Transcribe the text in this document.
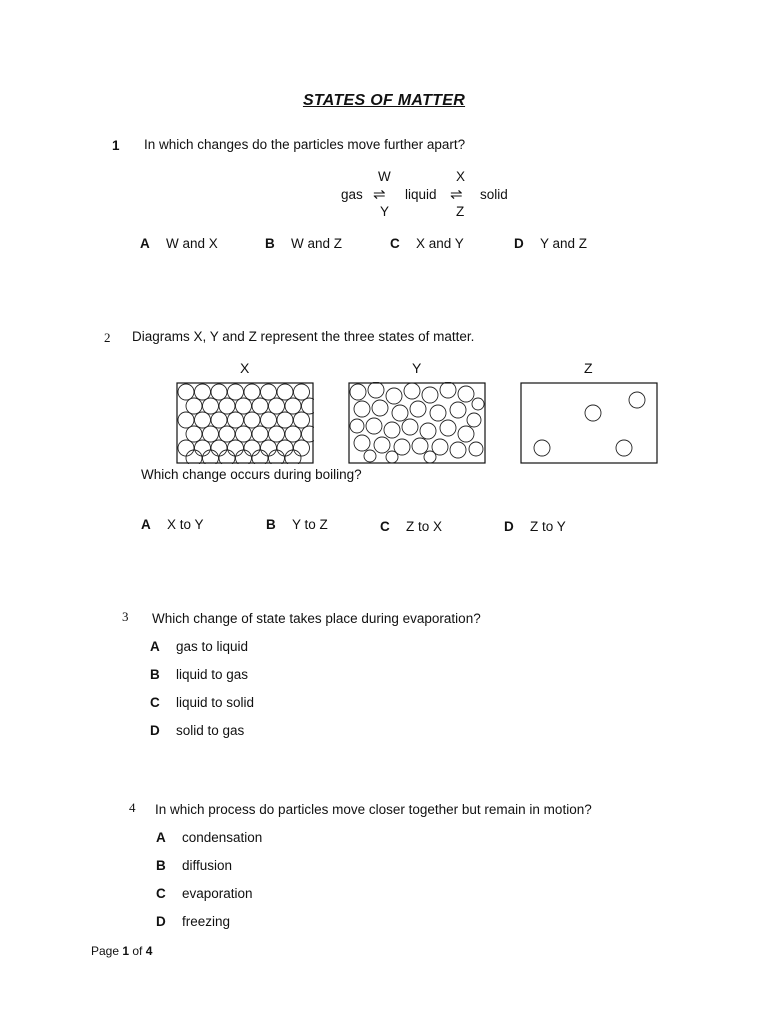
STATES OF MATTER
1 In which changes do the particles move further apart?
gas
W
⇌
Y
liquid
X
⇌
Z
solid
A W and X	B W and Z	C X and Y	D Y and Z
2 Diagrams X, Y and Z represent the three states of matter.
X	Y	Z
Which change occurs during boiling?
A X to Y	B Y to Z	C Z to X	D Z to Y
3 Which change of state takes place during evaporation?
A gas to liquid
B liquid to gas
C liquid to solid
D solid to gas
4 In which process do particles move closer together but remain in motion?
A condensation
B diffusion
C evaporation
D freezing
Page 1 of 4
